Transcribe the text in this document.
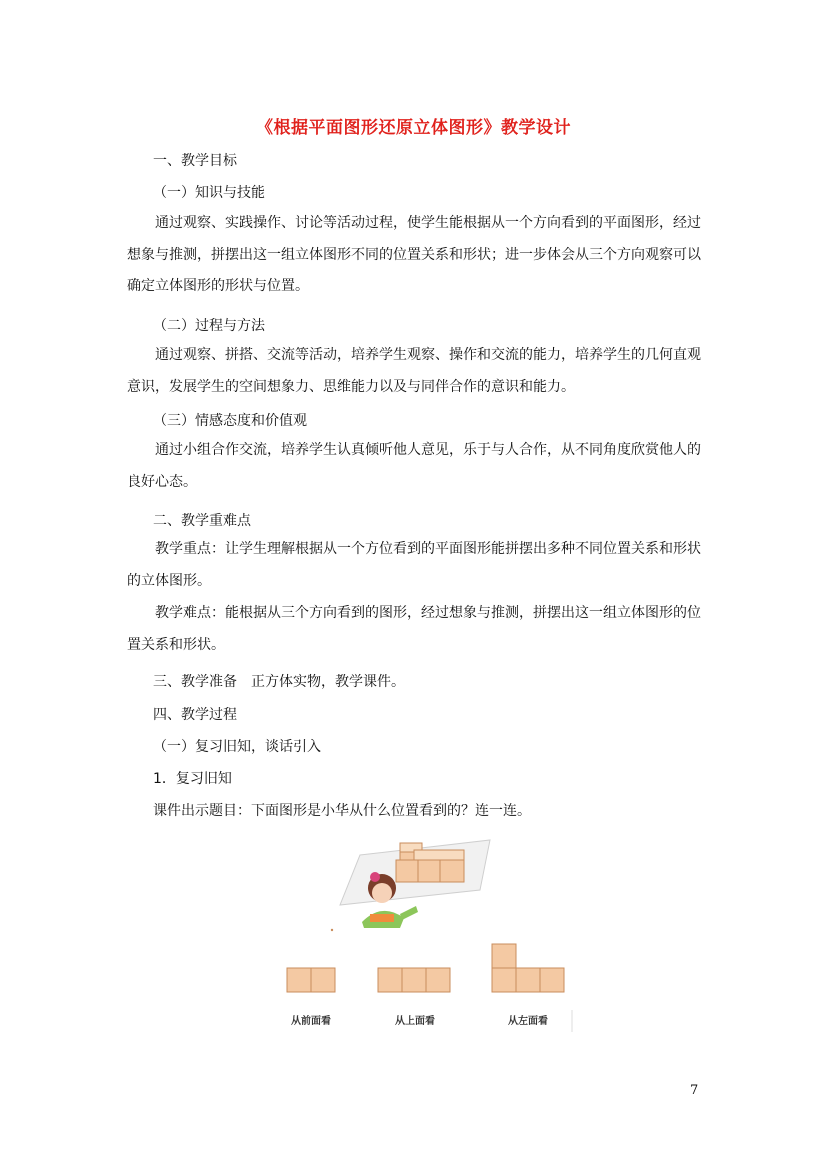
《根据平面图形还原立体图形》教学设计
一、教学目标
（一）知识与技能

通过观察、实践操作、讨论等活动过程，使学生能根据从一个方向看到的平面图形，经过想象与推测，拼摆出这一组立体图形不同的位置关系和形状；进一步体会从三个方向观察可以确定立体图形的形状与位置。

（二）过程与方法

通过观察、拼搭、交流等活动，培养学生观察、操作和交流的能力，培养学生的几何直观意识，发展学生的空间想象力、思维能力以及与同伴合作的意识和能力。

（三）情感态度和价值观

通过小组合作交流，培养学生认真倾听他人意见，乐于与人合作，从不同角度欣赏他人的良好心态。

二、教学重难点

教学重点：让学生理解根据从一个方位看到的平面图形能拼摆出多种不同位置关系和形状的立体图形。

教学难点：能根据从三个方向看到的图形，经过想象与推测，拼摆出这一组立体图形的位置关系和形状。

三、教学准备　正方体实物，教学课件。
四、教学过程
（一）复习旧知，谈话引入
1．复习旧知
课件出示题目：下面图形是小华从什么位置看到的？连一连。
从前面看	从上面看	从左面看
7
